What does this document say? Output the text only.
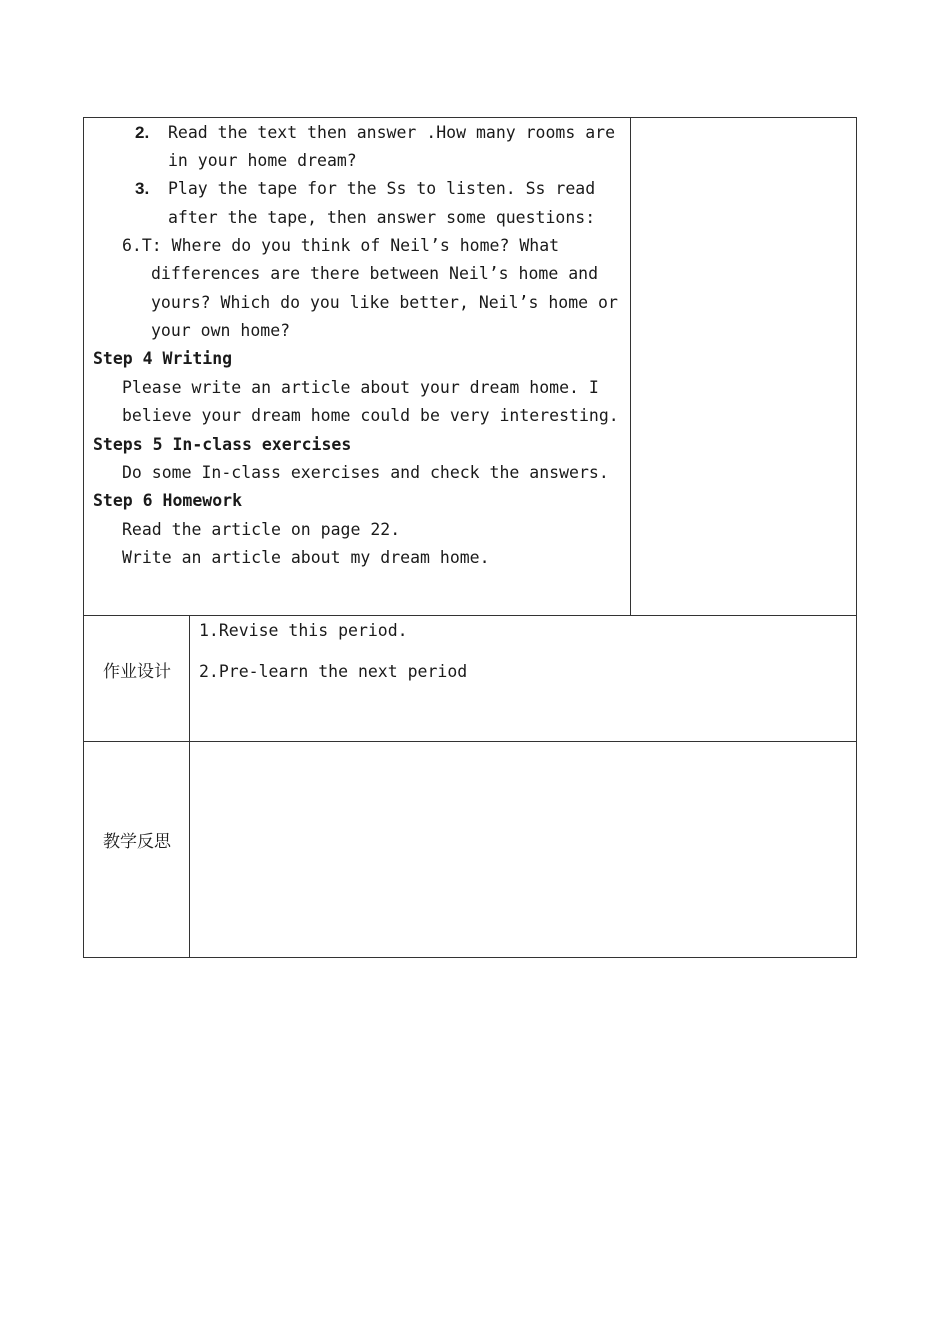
2. Read the text then answer .How many rooms are
in your home dream?
3. Play the tape for the Ss to listen. Ss read
after the tape, then answer some questions:
6.T: Where do you think of Neil’s home? What
differences are there between Neil’s home and
yours? Which do you like better, Neil’s home or
your own home?
Step 4 Writing
Please write an article about your dream home. I
believe your dream home could be very interesting.
Steps 5 In-class exercises
Do some In-class exercises and check the answers.
Step 6 Homework
Read the article on page 22.
Write an article about my dream home.
作业设计
1.Revise this period.
2.Pre-learn the next period
教学反思
